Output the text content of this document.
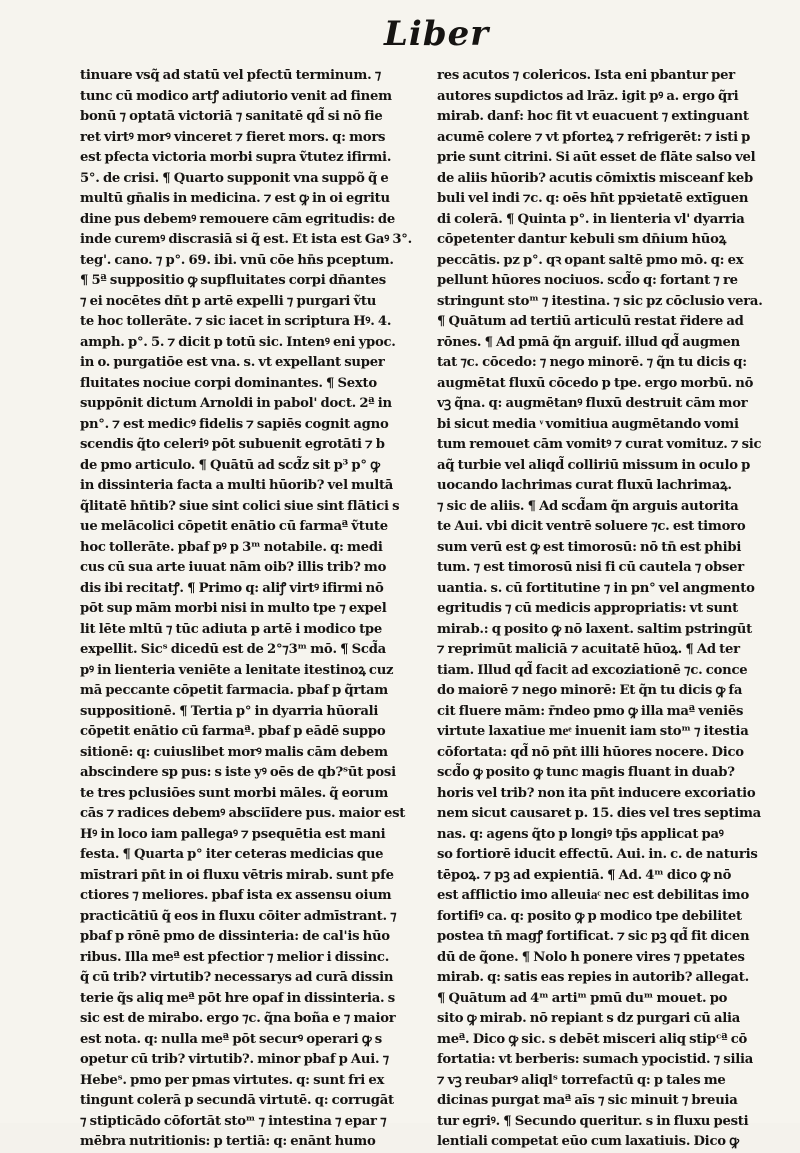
Liber
tinuare vsq̃ ad statū vel pfectū terminum. ⁊
tunc cū modico artꝭ adiutorio venit ad finem
bonū ⁊ optatā victoriā ⁊ sanitatē qd̃ si nō fie
ret virtꝰ morꝰ vinceret ⁊ fieret mors. q: mors
est pfecta victoria morbi supra ṽtutez ifirmi.
5°. de crisi. ¶ Quarto supponit vna suppõ q̃ e
multū gn̄alis in medicina. ⁊ est ꝙ in oi egritu
dine pus debemꝰ remouere cām egritudis: de
inde curemꝰ discrasiā si q̃ est. Et ista est Gaꝰ 3°.
teg'. cano. ⁊ p°. 69. ibi. vnū cōe hn̄s pceptum.
¶ 5ª suppositio ꝙ supfluitates corpi dn̄antes
⁊ ei nocētes dn̄t p artē expelli ⁊ purgari ṽtu
te hoc tollerāte. ⁊ sic iacet in scriptura Hꝰ. 4.
amph. p°. 5. ⁊ dicit p totū sic. Intenꝰ eni ypoc.
in o. purgatiōe est vna. s. vt expellant super
fluitates nociue corpi dominantes. ¶ Sexto
suppōnit dictum Arnoldi in pabol' doct. 2ª in
pn°. ⁊ est medicꝰ fidelis ⁊ sapiēs cognit agno
scendis q̃to celeriꝰ pōt subuenit egrotāti ⁊ b
de pmo articulo. ¶ Quātū ad scd̃z sit p³ p° ꝙ
in dissinteria facta a multi hūorib? vel multā
q̃litatē hn̄tib? siue sint colici siue sint flātici s
ue melācolici cōpetit enātio cū farmaª ṽtute
hoc tollerāte. pbaf pꝰ p 3ᵐ notabile. q: medi
cus cū sua arte iuuat nām oib? illis trib? mo
dis ibi recitatꝭ. ¶ Primo q: aliꝭ virtꝰ ifirmi nō
pōt sup mām morbi nisi in multo tpe ⁊ expel
lit lēte mltū ⁊ tūc adiuta p artē i modico tpe
expellit. Sicˢ dicedū est de 2°⁊3ᵐ mō. ¶ Scd̃a
pꝰ in lienteria veniēte a lenitate itestinoꝝ cuz
mā peccante cōpetit farmacia. pbaf p q̃rtam
suppositionē. ¶ Tertia p° in dyarria hūorali
cōpetit enātio cū farmaª. pbaf p eādē suppo
sitionē: q: cuiuslibet morꝰ malis cām debem
abscindere sp pus: s iste yꝰ oēs de qb?ˢūt posi
te tres pclusiōes sunt morbi māles. q̃ eorum
cās ⁊ radices debemꝰ absciīdere pus. maior est
Hꝰ in loco iam pallegaꝰ ⁊ psequētia est mani
festa. ¶ Quarta p° iter ceteras medicias que
mīstrari pn̄t in oi fluxu vētris mirab. sunt pfe
ctiores ⁊ meliores. pbaf ista ex assensu oium
practicātiū q̃ eos in fluxu cōiter admīstrant. ⁊
pbaf p rōnē pmo de dissinteria: de cal'is hūo
ribus. Illa meª est pfectior ⁊ melior i dissinc.
q̃ cū trib? virtutib? necessarys ad curā dissin
terie q̃s aliq meª pōt hre opaf in dissinteria. s
sic est de mirabo. ergo ⁊c. q̃na boña e ⁊ maior
est nota. q: nulla meª pōt securꝰ operari ꝙ s
opetur cū trib? virtutib?. minor pbaf p Aui. ⁊
Hebeˢ. pmo per pmas virtutes. q: sunt fri ex
tingunt colerā p secundā virtutē. q: corrugāt
⁊ stipticādo cōfortāt stoᵐ ⁊ intestina ⁊ epar ⁊
mēbra nutritionis: p tertiā: q: enānt humo
res acutos ⁊ colericos. Ista eni pbantur per
autores supdictos ad lrāz. igit pꝰ a. ergo q̃ri
mirab. danf: hoc fit vt euacuent ⁊ extinguant
acumē colere ⁊ vt pforteꝝ ⁊ refrigerēt: ⁊ isti p
prie sunt citrini. Si aūt esset de flāte salso vel
de aliis hūorib? acutis cōmixtis misceanf keb
buli vel indi ⁊c. q: oēs hn̄t ppꝛietatē extīguen
di colerā. ¶ Quinta p°. in lienteria vl' dyarria
cōpetenter dantur kebuli sm dn̄ium hūoꝝ
peccātis. pz p°. qꝛ opant saltē pmo mō. q: ex
pellunt hūores nociuos. scd̃o q: fortant ⁊ re
stringunt stoᵐ ⁊ itestina. ⁊ sic pz cōclusio vera.
¶ Quātum ad tertiū articulū restat r̄idere ad
rōnes. ¶ Ad pmā q̃n arguif. illud qd̃ augmen
tat ⁊c. cōcedo: ⁊ nego minorē. ⁊ q̃n tu dicis q:
augmētat fluxū cōcedo p tpe. ergo morbū. nō
vꝫ q̃na. q: augmētanꝰ fluxū destruit cām mor
bi sicut media ͮ vomitiua augmētando vomi
tum remouet cām vomitꝰ ⁊ curat vomituz. ⁊ sic
aq̃ turbie vel aliqd̃ colliriū missum in oculo p
uocando lachrimas curat fluxū lachrimaꝝ.
⁊ sic de aliis. ¶ Ad scd̃am q̃n arguis autorita
te Aui. vbi dicit ventrē soluere ⁊c. est timoro
sum verū est ꝙ est timorosū: nō tn̄ est phibi
tum. ⁊ est timorosū nisi fi cū cautela ⁊ obser
uantia. s. cū fortitutine ⁊ in pn° vel angmento
egritudis ⁊ cū medicis appropriatis: vt sunt
mirab.: q posito ꝙ nō laxent. saltim pstringūt
⁊ reprimūt maliciā ⁊ acuitatē hūoꝝ. ¶ Ad ter
tiam. Illud qd̃ facit ad excoziationē ⁊c. conce
do maiorē ⁊ nego minorē: Et q̃n tu dicis ꝙ fa
cit fluere mām: r̄ndeo pmo ꝙ illa maª veniēs
virtute laxatiue meͤ inuenit iam stoᵐ ⁊ itestia
cōfortata: qd̃ nō pn̄t illi hūores nocere. Dico
scd̃o ꝙ posito ꝙ tunc magis fluant in duab?
horis vel trib? non ita pn̄t inducere excoriatio
nem sicut causaret p. 15. dies vel tres septima
nas. q: agens q̃to p longiꝰ tp̄s applicat paꝰ
so fortiorē iducit effectū. Aui. in. c. de naturis
tēpoꝝ. ⁊ pꝫ ad expientiā. ¶ Ad. 4ᵐ dico ꝙ nō
est afflictio imo alleuiaͨ nec est debilitas imo
fortifiꝰ ca. q: posito ꝙ p modico tpe debilitet
postea tn̄ magꝭ fortificat. ⁊ sic pꝫ qd̃ fit dicen
dū de q̃one. ¶ Nolo h ponere vires ⁊ ppetates
mirab. q: satis eas repies in autorib? allegat.
¶ Quātum ad 4ᵐ artiᵐ pmū duᵐ mouet. po
sito ꝙ mirab. nō repiant s dz purgari cū alia
meª. Dico ꝙ sic. s debēt misceri aliq stipᶜª cō
fortatia: vt berberis: sumach ypocistid. ⁊ silia
⁊ vꝫ reubarꝰ aliqlˢ torrefactū q: p tales me
dicinas purgat maª aīs ⁊ sic minuit ⁊ breuia
tur egriꝰ. ¶ Secundo queritur. s in fluxu pesti
lentiali competat eūo cum laxatiuis. Dico ꝙ
